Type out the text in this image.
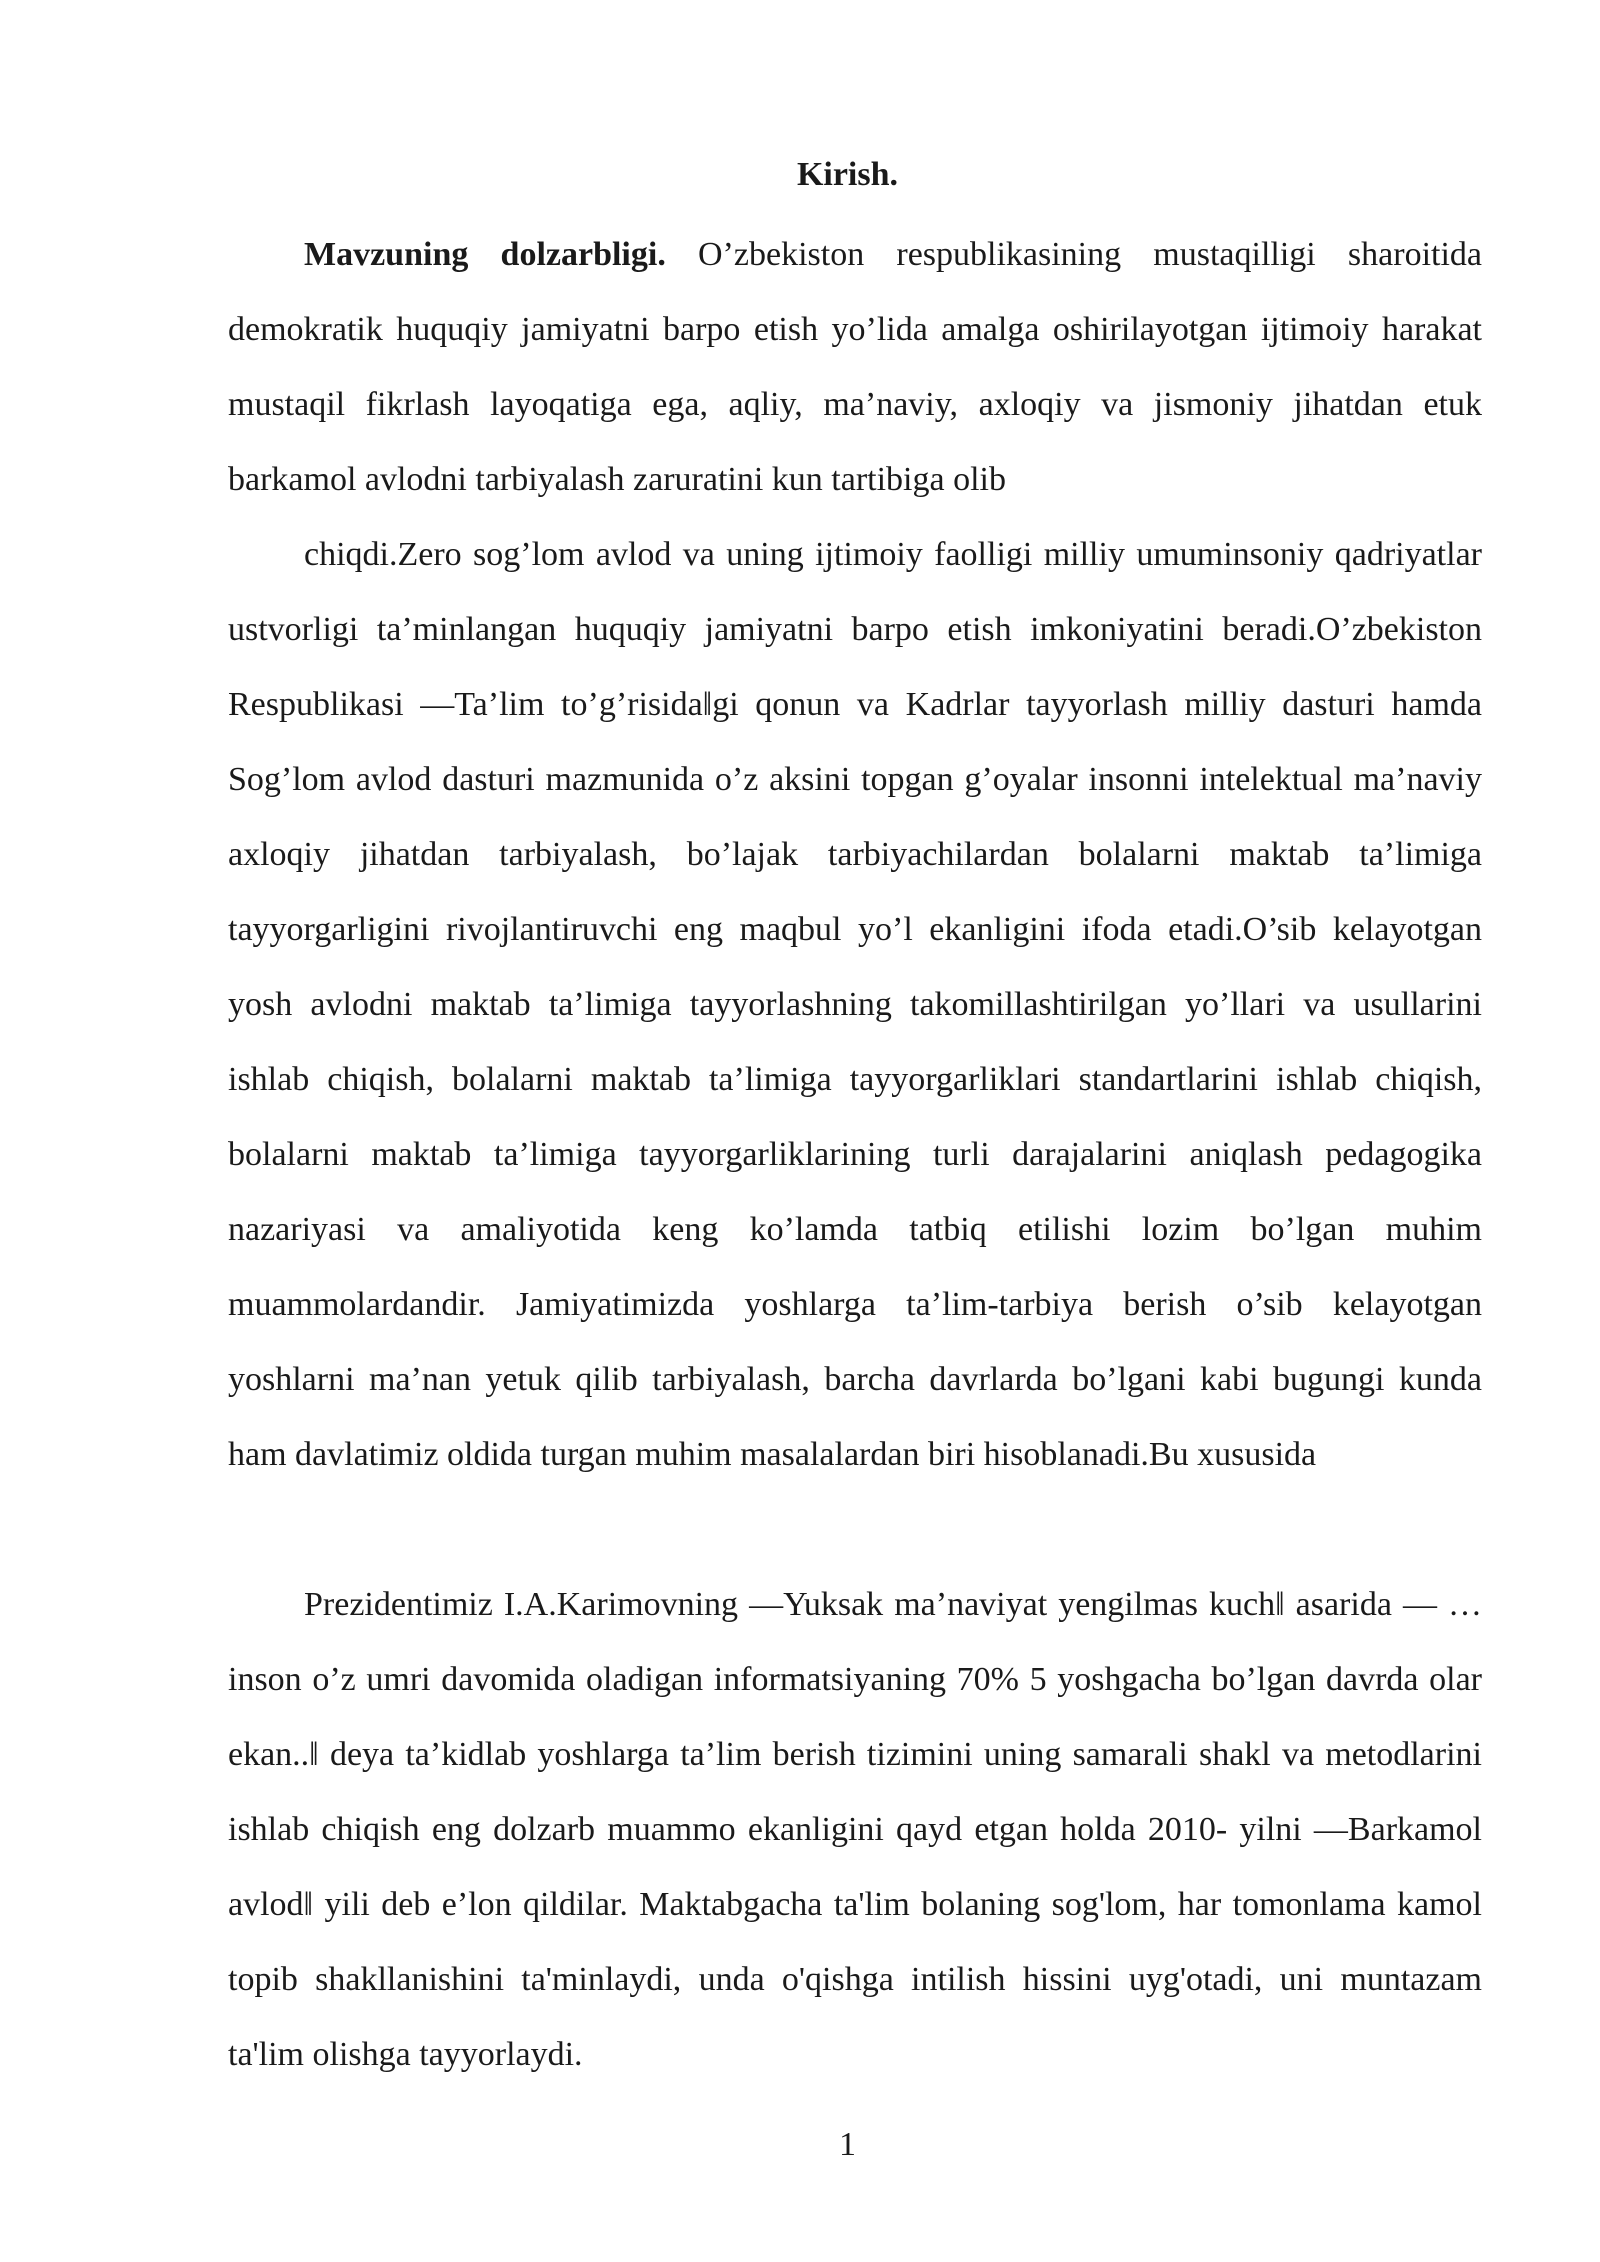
Kirish.

Mavzuning dolzarbligi. O’zbekiston respublikasining mustaqilligi sharoitida demokratik huquqiy jamiyatni barpo etish yo’lida amalga oshirilayotgan ijtimoiy harakat mustaqil fikrlash layoqatiga ega, aqliy, ma’naviy, axloqiy va jismoniy jihatdan etuk barkamol avlodni tarbiyalash zaruratini kun tartibiga olib

chiqdi.Zero sog’lom avlod va uning ijtimoiy faolligi milliy umuminsoniy qadriyatlar ustvorligi ta’minlangan huquqiy jamiyatni barpo etish imkoniyatini beradi.O’zbekiston Respublikasi ―Ta’lim to’g’risida‖gi qonun va Kadrlar tayyorlash milliy dasturi hamda Sog’lom avlod dasturi mazmunida o’z aksini topgan g’oyalar insonni intelektual ma’naviy axloqiy jihatdan tarbiyalash, bo’lajak tarbiyachilardan bolalarni maktab ta’limiga tayyorgarligini rivojlantiruvchi eng maqbul yo’l ekanligini ifoda etadi.O’sib kelayotgan yosh avlodni maktab ta’limiga tayyorlashning takomillashtirilgan yo’llari va usullarini ishlab chiqish, bolalarni maktab ta’limiga tayyorgarliklari standartlarini ishlab chiqish, bolalarni maktab ta’limiga tayyorgarliklarining turli darajalarini aniqlash pedagogika nazariyasi va amaliyotida keng ko’lamda tatbiq etilishi lozim bo’lgan muhim muammolardandir. Jamiyatimizda yoshlarga ta’lim-tarbiya berish o’sib kelayotgan yoshlarni ma’nan yetuk qilib tarbiyalash, barcha davrlarda bo’lgani kabi bugungi kunda ham davlatimiz oldida turgan muhim masalalardan biri hisoblanadi.Bu xususida

Prezidentimiz I.A.Karimovning ―Yuksak ma’naviyat yengilmas kuch‖ asarida ― …inson o’z umri davomida oladigan informatsiyaning 70% 5 yoshgacha bo’lgan davrda olar ekan..‖ deya ta’kidlab yoshlarga ta’lim berish tizimini uning samarali shakl va metodlarini ishlab chiqish eng dolzarb muammo ekanligini qayd etgan holda 2010- yilni ―Barkamol avlod‖ yili deb e’lon qildilar. Maktabgacha ta'lim bolaning sog'lom, har tomonlama kamol topib shakllanishini ta'minlaydi, unda o'qishga intilish hissini uyg'otadi, uni muntazam ta'lim olishga tayyorlaydi.

1
